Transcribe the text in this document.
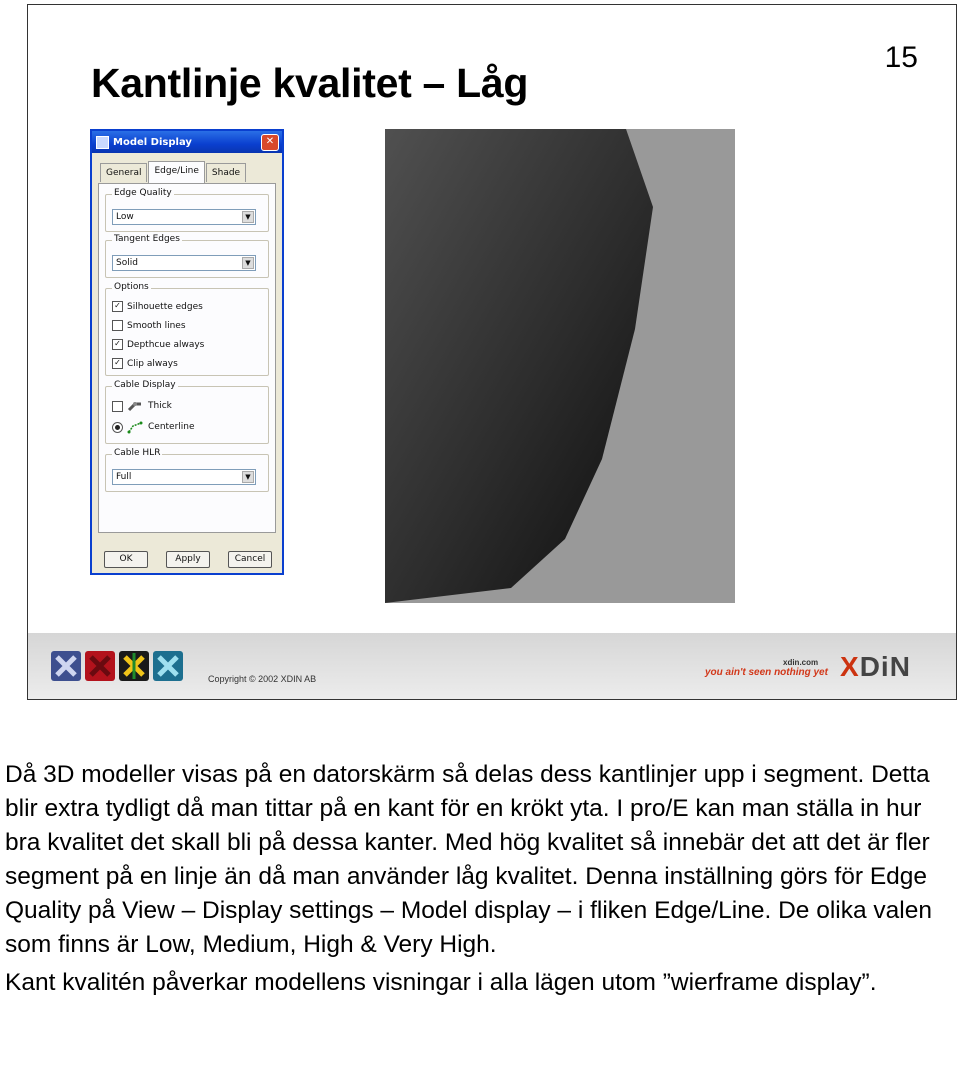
Kantlinje kvalitet – Låg
15
Model Display	✕
General	Edge/Line	Shade
Edge Quality
Low	▼
Tangent Edges
Solid	▼
Options
✓ Silhouette edges
Smooth lines
✓ Depthcue always
✓ Clip always
Cable Display
Thick
Centerline
Cable HLR
Full	▼
OK	Apply	Cancel
Copyright © 2002 XDIN AB
xdin.com
you ain't seen nothing yet XDiN

Då 3D modeller visas på en datorskärm så delas dess kantlinjer upp i segment. Detta blir extra tydligt då man tittar på en kant för en krökt yta. I pro/E kan man ställa in hur bra kvalitet det skall bli på dessa kanter. Med hög kvalitet så innebär det att det är fler segment på en linje än då man använder låg kvalitet. Denna inställning görs för Edge Quality på View – Display settings – Model display – i fliken Edge/Line. De olika valen som finns är Low, Medium, High & Very High.

Kant kvalitén påverkar modellens visningar i alla lägen utom ”wierframe display”.
